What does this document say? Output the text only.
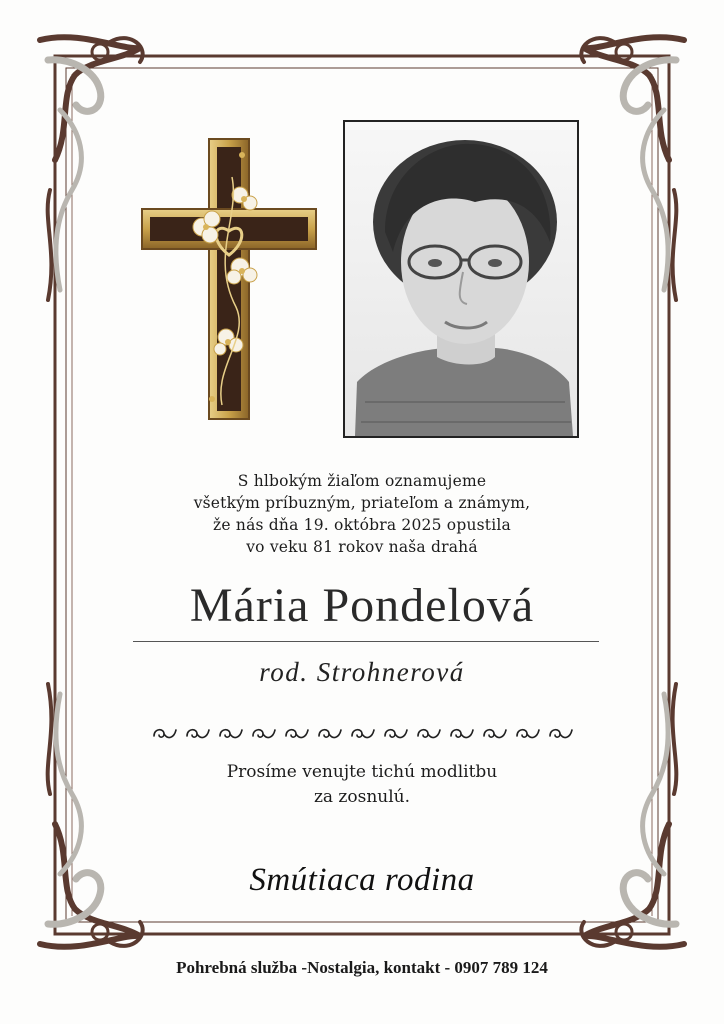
S hlbokým žiaľom oznamujeme
všetkým príbuzným, priateľom a známym,
že nás dňa 19. októbra 2025 opustila
vo veku 81 rokov naša drahá
Mária Pondelová
rod. Strohnerová
Prosíme venujte tichú modlitbu
za zosnulú.
Smútiaca rodina
Pohrebná služba -Nostalgia, kontakt - 0907 789 124
